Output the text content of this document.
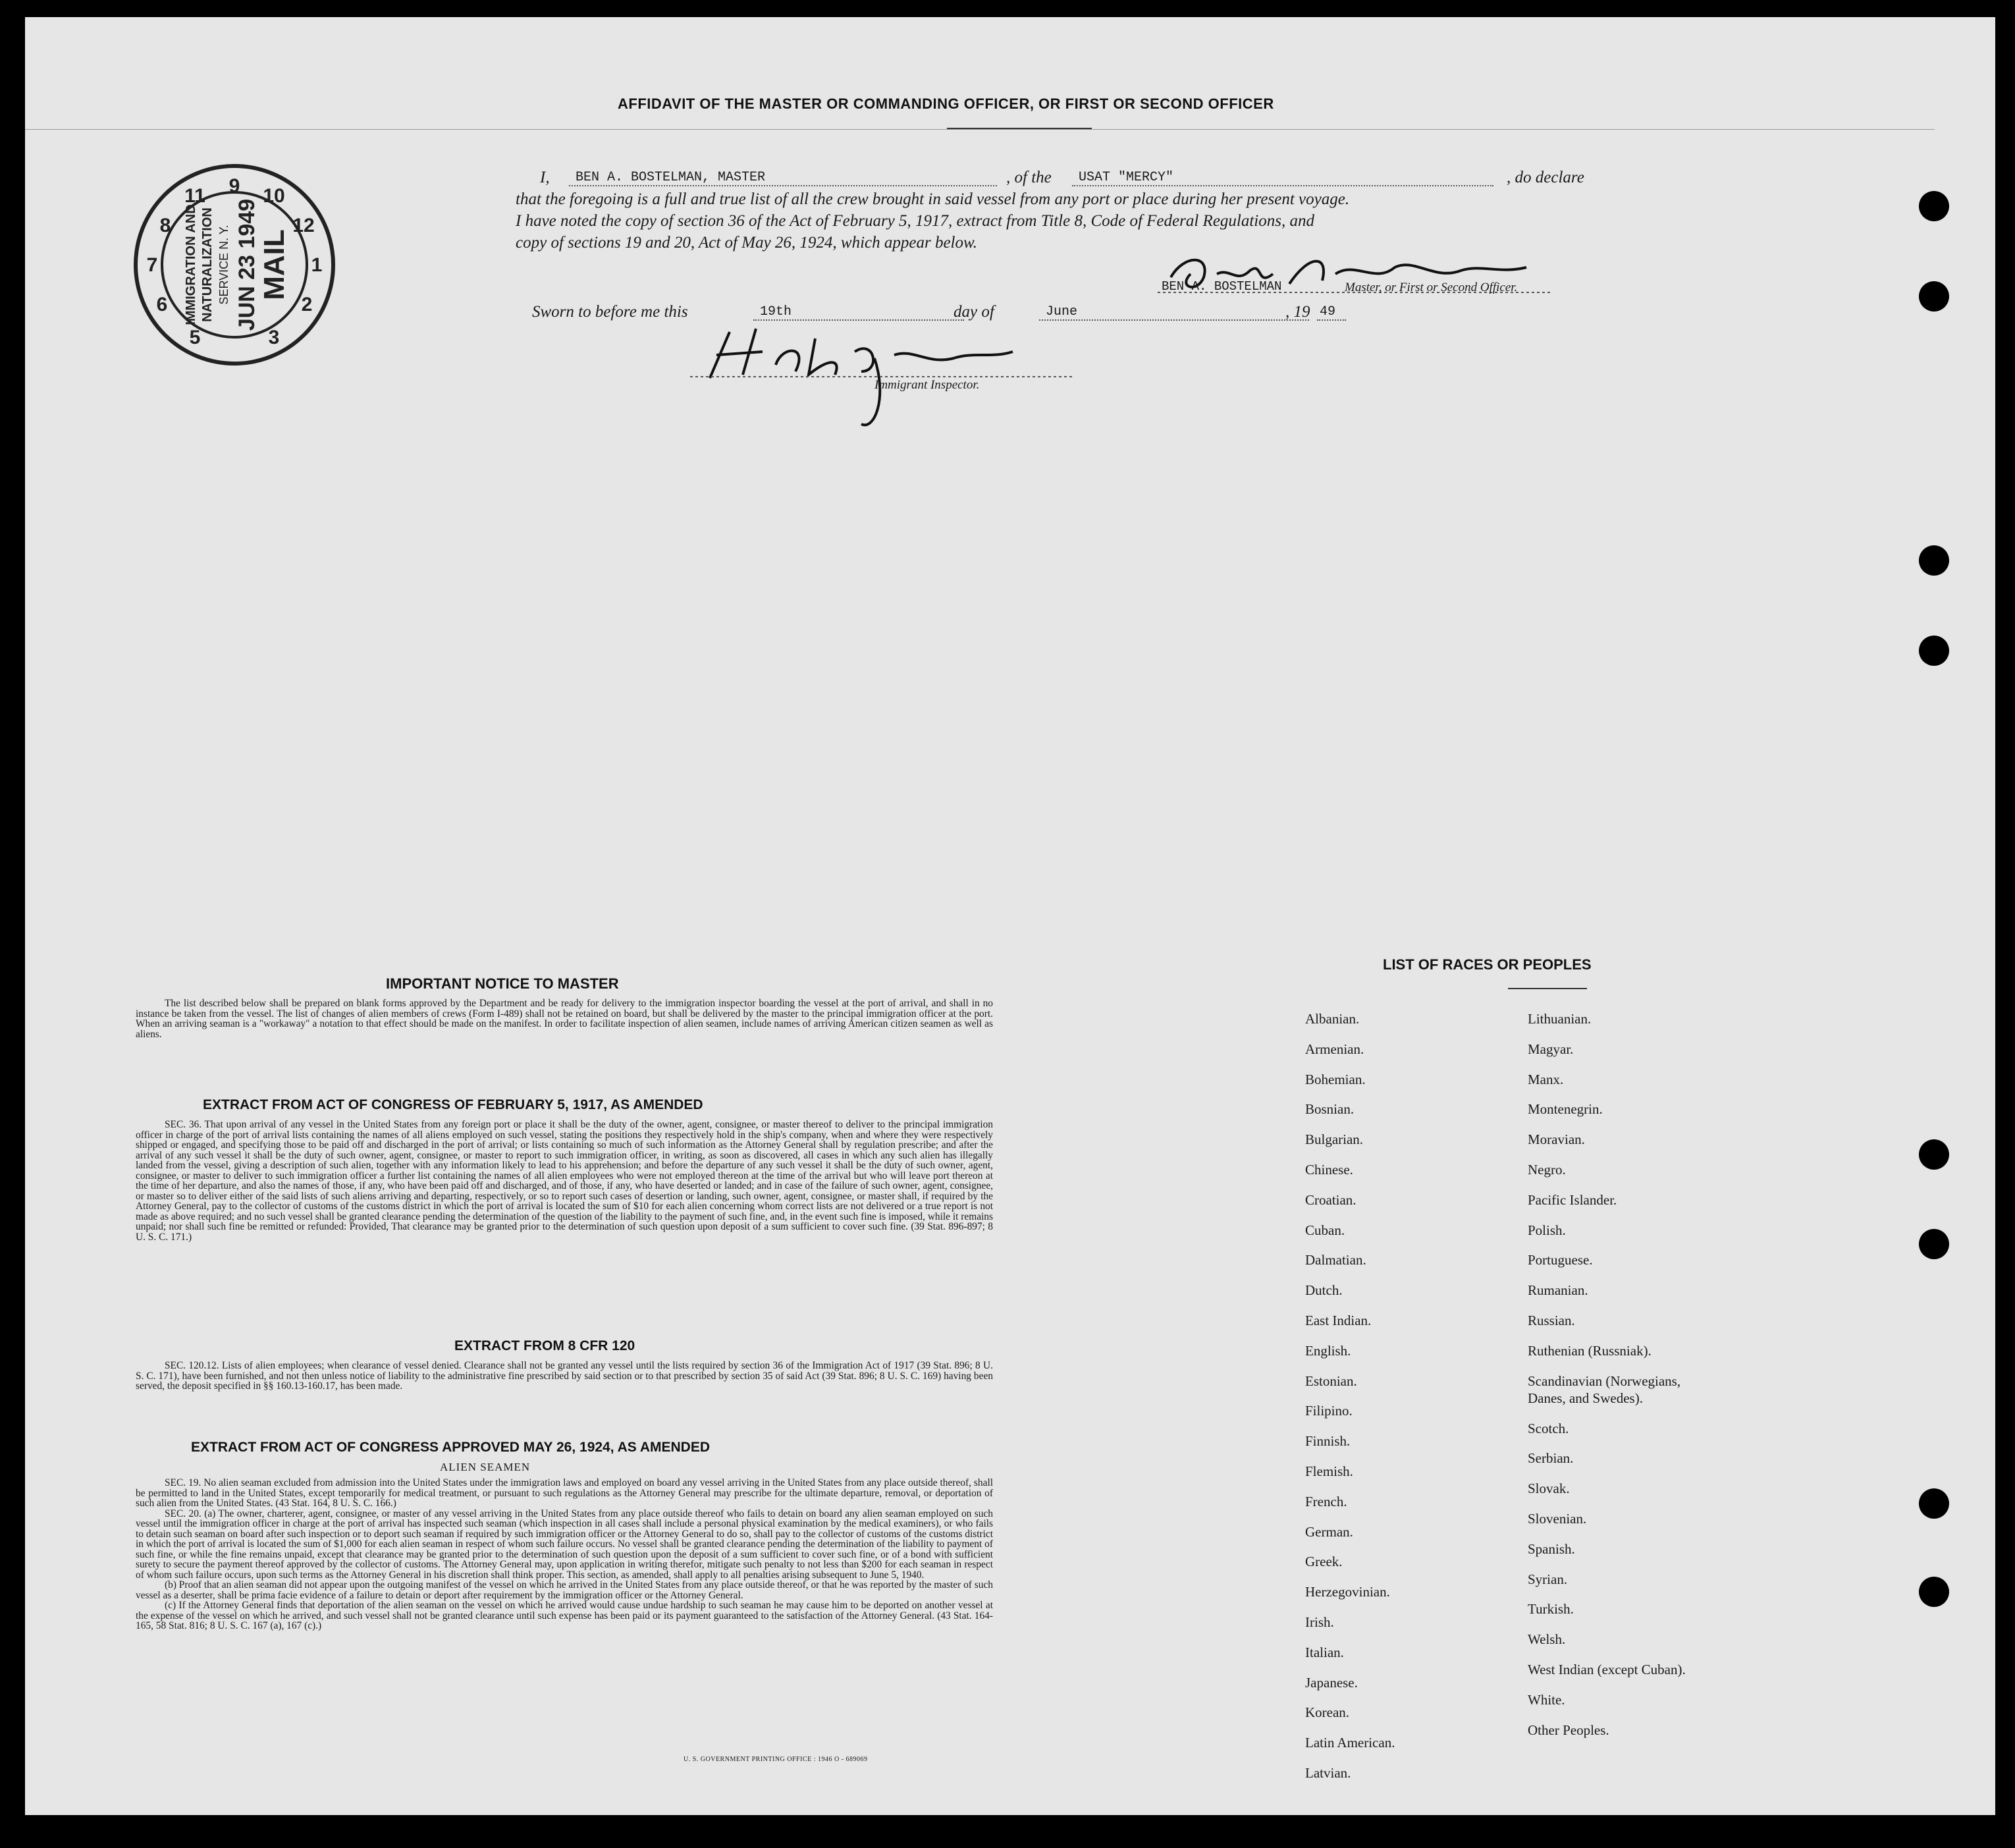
AFFIDAVIT OF THE MASTER OR COMMANDING OFFICER, OR FIRST OR SECOND OFFICER
9 10
11
12
8
1
7
2
6
3
5
IMMIGRATION AND NATURALIZATION SERVICE N. Y. JUN 23 1949
MAIL
I,	BEN A. BOSTELMAN, MASTER	, of the	USAT "MERCY"	, do declare
that the foregoing is a full and true list of all the crew brought in said vessel from any port or place during her present voyage.
I have noted the copy of section 36 of the Act of February 5, 1917, extract from Title 8, Code of Federal Regulations, and
copy of sections 19 and 20, Act of May 26, 1924, which appear below.
BEN A. BOSTELMAN	Master, or First or Second Officer.
Sworn to before me this	19th	day of	June	, 19 49
Immigrant Inspector.
IMPORTANT NOTICE TO MASTER

The list described below shall be prepared on blank forms approved by the Department and be ready for delivery to the immigration inspector boarding the vessel at the port of arrival, and shall in no instance be taken from the vessel. The list of changes of alien members of crews (Form I-489) shall not be retained on board, but shall be delivered by the master to the principal immigration officer at the port. When an arriving seaman is a "workaway" a notation to that effect should be made on the manifest. In order to facilitate inspection of alien seamen, include names of arriving American citizen seamen as well as aliens.

EXTRACT FROM ACT OF CONGRESS OF FEBRUARY 5, 1917, AS AMENDED

SEC. 36. That upon arrival of any vessel in the United States from any foreign port or place it shall be the duty of the owner, agent, consignee, or master thereof to deliver to the principal immigration officer in charge of the port of arrival lists containing the names of all aliens employed on such vessel, stating the positions they respectively hold in the ship's company, when and where they were respectively shipped or engaged, and specifying those to be paid off and discharged in the port of arrival; or lists containing so much of such information as the Attorney General shall by regulation prescribe; and after the arrival of any such vessel it shall be the duty of such owner, agent, consignee, or master to report to such immigration officer, in writing, as soon as discovered, all cases in which any such alien has illegally landed from the vessel, giving a description of such alien, together with any information likely to lead to his apprehension; and before the departure of any such vessel it shall be the duty of such owner, agent, consignee, or master to deliver to such immigration officer a further list containing the names of all alien employees who were not employed thereon at the time of the arrival but who will leave port thereon at the time of her departure, and also the names of those, if any, who have been paid off and discharged, and of those, if any, who have deserted or landed; and in case of the failure of such owner, agent, consignee, or master so to deliver either of the said lists of such aliens arriving and departing, respectively, or so to report such cases of desertion or landing, such owner, agent, consignee, or master shall, if required by the Attorney General, pay to the collector of customs of the customs district in which the port of arrival is located the sum of $10 for each alien concerning whom correct lists are not delivered or a true report is not made as above required; and no such vessel shall be granted clearance pending the determination of the question of the liability to the payment of such fine, and, in the event such fine is imposed, while it remains unpaid; nor shall such fine be remitted or refunded: Provided, That clearance may be granted prior to the determination of such question upon deposit of a sum sufficient to cover such fine. (39 Stat. 896-897; 8 U. S. C. 171.)

EXTRACT FROM 8 CFR 120

SEC. 120.12. Lists of alien employees; when clearance of vessel denied. Clearance shall not be granted any vessel until the lists required by section 36 of the Immigration Act of 1917 (39 Stat. 896; 8 U. S. C. 171), have been furnished, and not then unless notice of liability to the administrative fine prescribed by said section or to that prescribed by section 35 of said Act (39 Stat. 896; 8 U. S. C. 169) having been served, the deposit specified in §§ 160.13-160.17, has been made.

EXTRACT FROM ACT OF CONGRESS APPROVED MAY 26, 1924, AS AMENDED
ALIEN SEAMEN

SEC. 19. No alien seaman excluded from admission into the United States under the immigration laws and employed on board any vessel arriving in the United States from any place outside thereof, shall be permitted to land in the United States, except temporarily for medical treatment, or pursuant to such regulations as the Attorney General may prescribe for the ultimate departure, removal, or deportation of such alien from the United States. (43 Stat. 164, 8 U. S. C. 166.)

SEC. 20. (a) The owner, charterer, agent, consignee, or master of any vessel arriving in the United States from any place outside thereof who fails to detain on board any alien seaman employed on such vessel until the immigration officer in charge at the port of arrival has inspected such seaman (which inspection in all cases shall include a personal physical examination by the medical examiners), or who fails to detain such seaman on board after such inspection or to deport such seaman if required by such immigration officer or the Attorney General to do so, shall pay to the collector of customs of the customs district in which the port of arrival is located the sum of $1,000 for each alien seaman in respect of whom such failure occurs. No vessel shall be granted clearance pending the determination of the liability to payment of such fine, or while the fine remains unpaid, except that clearance may be granted prior to the determination of such question upon the deposit of a sum sufficient to cover such fine, or of a bond with sufficient surety to secure the payment thereof approved by the collector of customs. The Attorney General may, upon application in writing therefor, mitigate such penalty to not less than $200 for each seaman in respect of whom such failure occurs, upon such terms as the Attorney General in his discretion shall think proper. This section, as amended, shall apply to all penalties arising subsequent to June 5, 1940.

(b) Proof that an alien seaman did not appear upon the outgoing manifest of the vessel on which he arrived in the United States from any place outside thereof, or that he was reported by the master of such vessel as a deserter, shall be prima facie evidence of a failure to detain or deport after requirement by the immigration officer or the Attorney General.

(c) If the Attorney General finds that deportation of the alien seaman on the vessel on which he arrived would cause undue hardship to such seaman he may cause him to be deported on another vessel at the expense of the vessel on which he arrived, and such vessel shall not be granted clearance until such expense has been paid or its payment guaranteed to the satisfaction of the Attorney General. (43 Stat. 164-165, 58 Stat. 816; 8 U. S. C. 167 (a), 167 (c).)

U. S. GOVERNMENT PRINTING OFFICE : 1946 O - 689069
LIST OF RACES OR PEOPLES
Albanian.
Armenian.
Bohemian.
Bosnian.
Bulgarian.
Chinese.
Croatian.
Cuban.
Dalmatian.
Dutch.
East Indian.
English.
Estonian.
Filipino.
Finnish.
Flemish.
French.
German.
Greek.
Herzegovinian.
Irish.
Italian.
Japanese.
Korean.
Latin American.
Latvian.
Lithuanian.
Magyar.
Manx.
Montenegrin.
Moravian.
Negro.
Pacific Islander.
Polish.
Portuguese.
Rumanian.
Russian.
Ruthenian (Russniak).
Scandinavian (Norwegians,
Danes, and Swedes).
Scotch.
Serbian.
Slovak.
Slovenian.
Spanish.
Syrian.
Turkish.
Welsh.
West Indian (except Cuban).
White.
Other Peoples.
